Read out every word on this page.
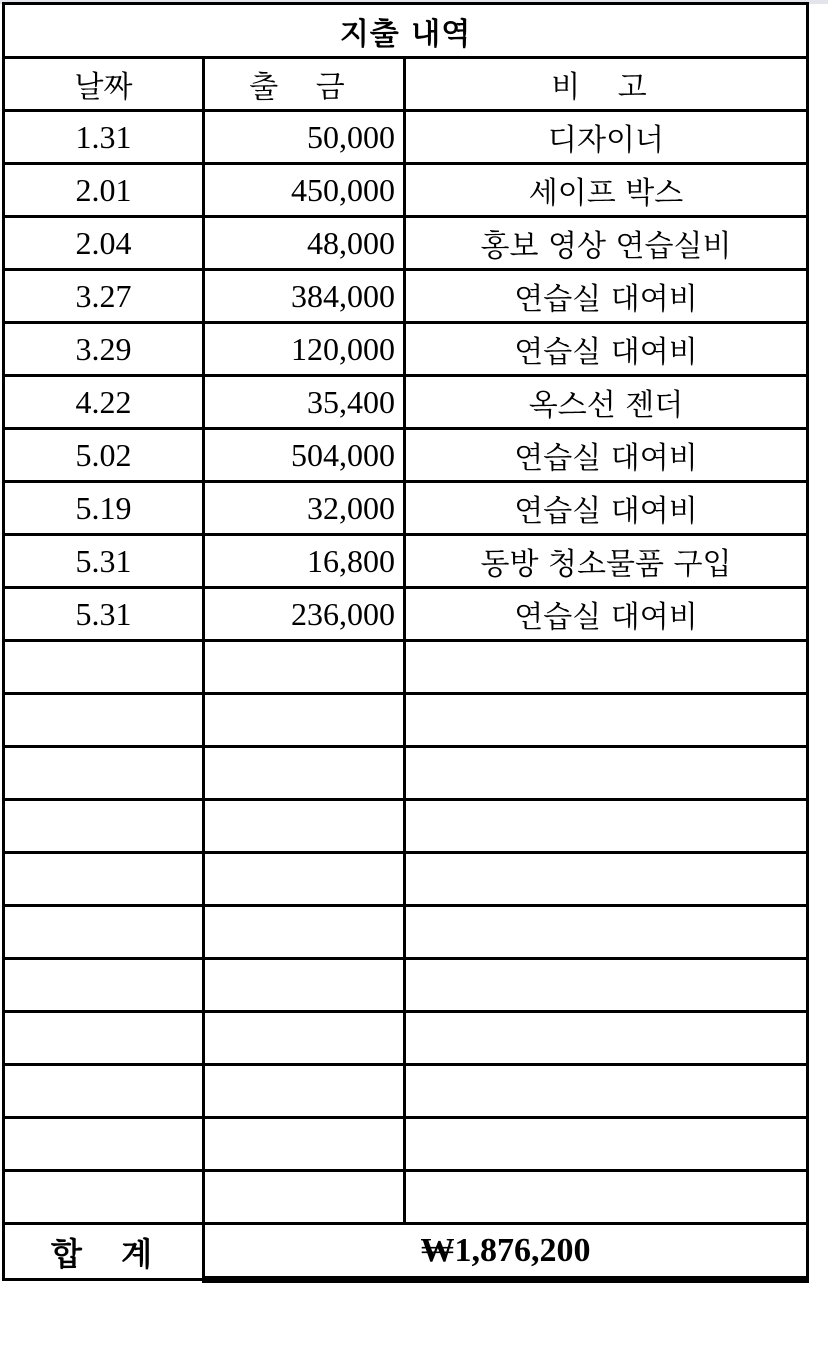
지출 내역		
날짜	출 금	비 고
1.31	50,000	디자이너
2.01	450,000	세이프 박스
2.04	48,000	홍보 영상 연습실비
3.27	384,000	연습실 대여비
3.29	120,000	연습실 대여비
4.22	35,400	옥스선 젠더
5.02	504,000	연습실 대여비
5.19	32,000	연습실 대여비
5.31	16,800	동방 청소물품 구입
5.31	236,000	연습실 대여비

합 계	₩1,876,200	
